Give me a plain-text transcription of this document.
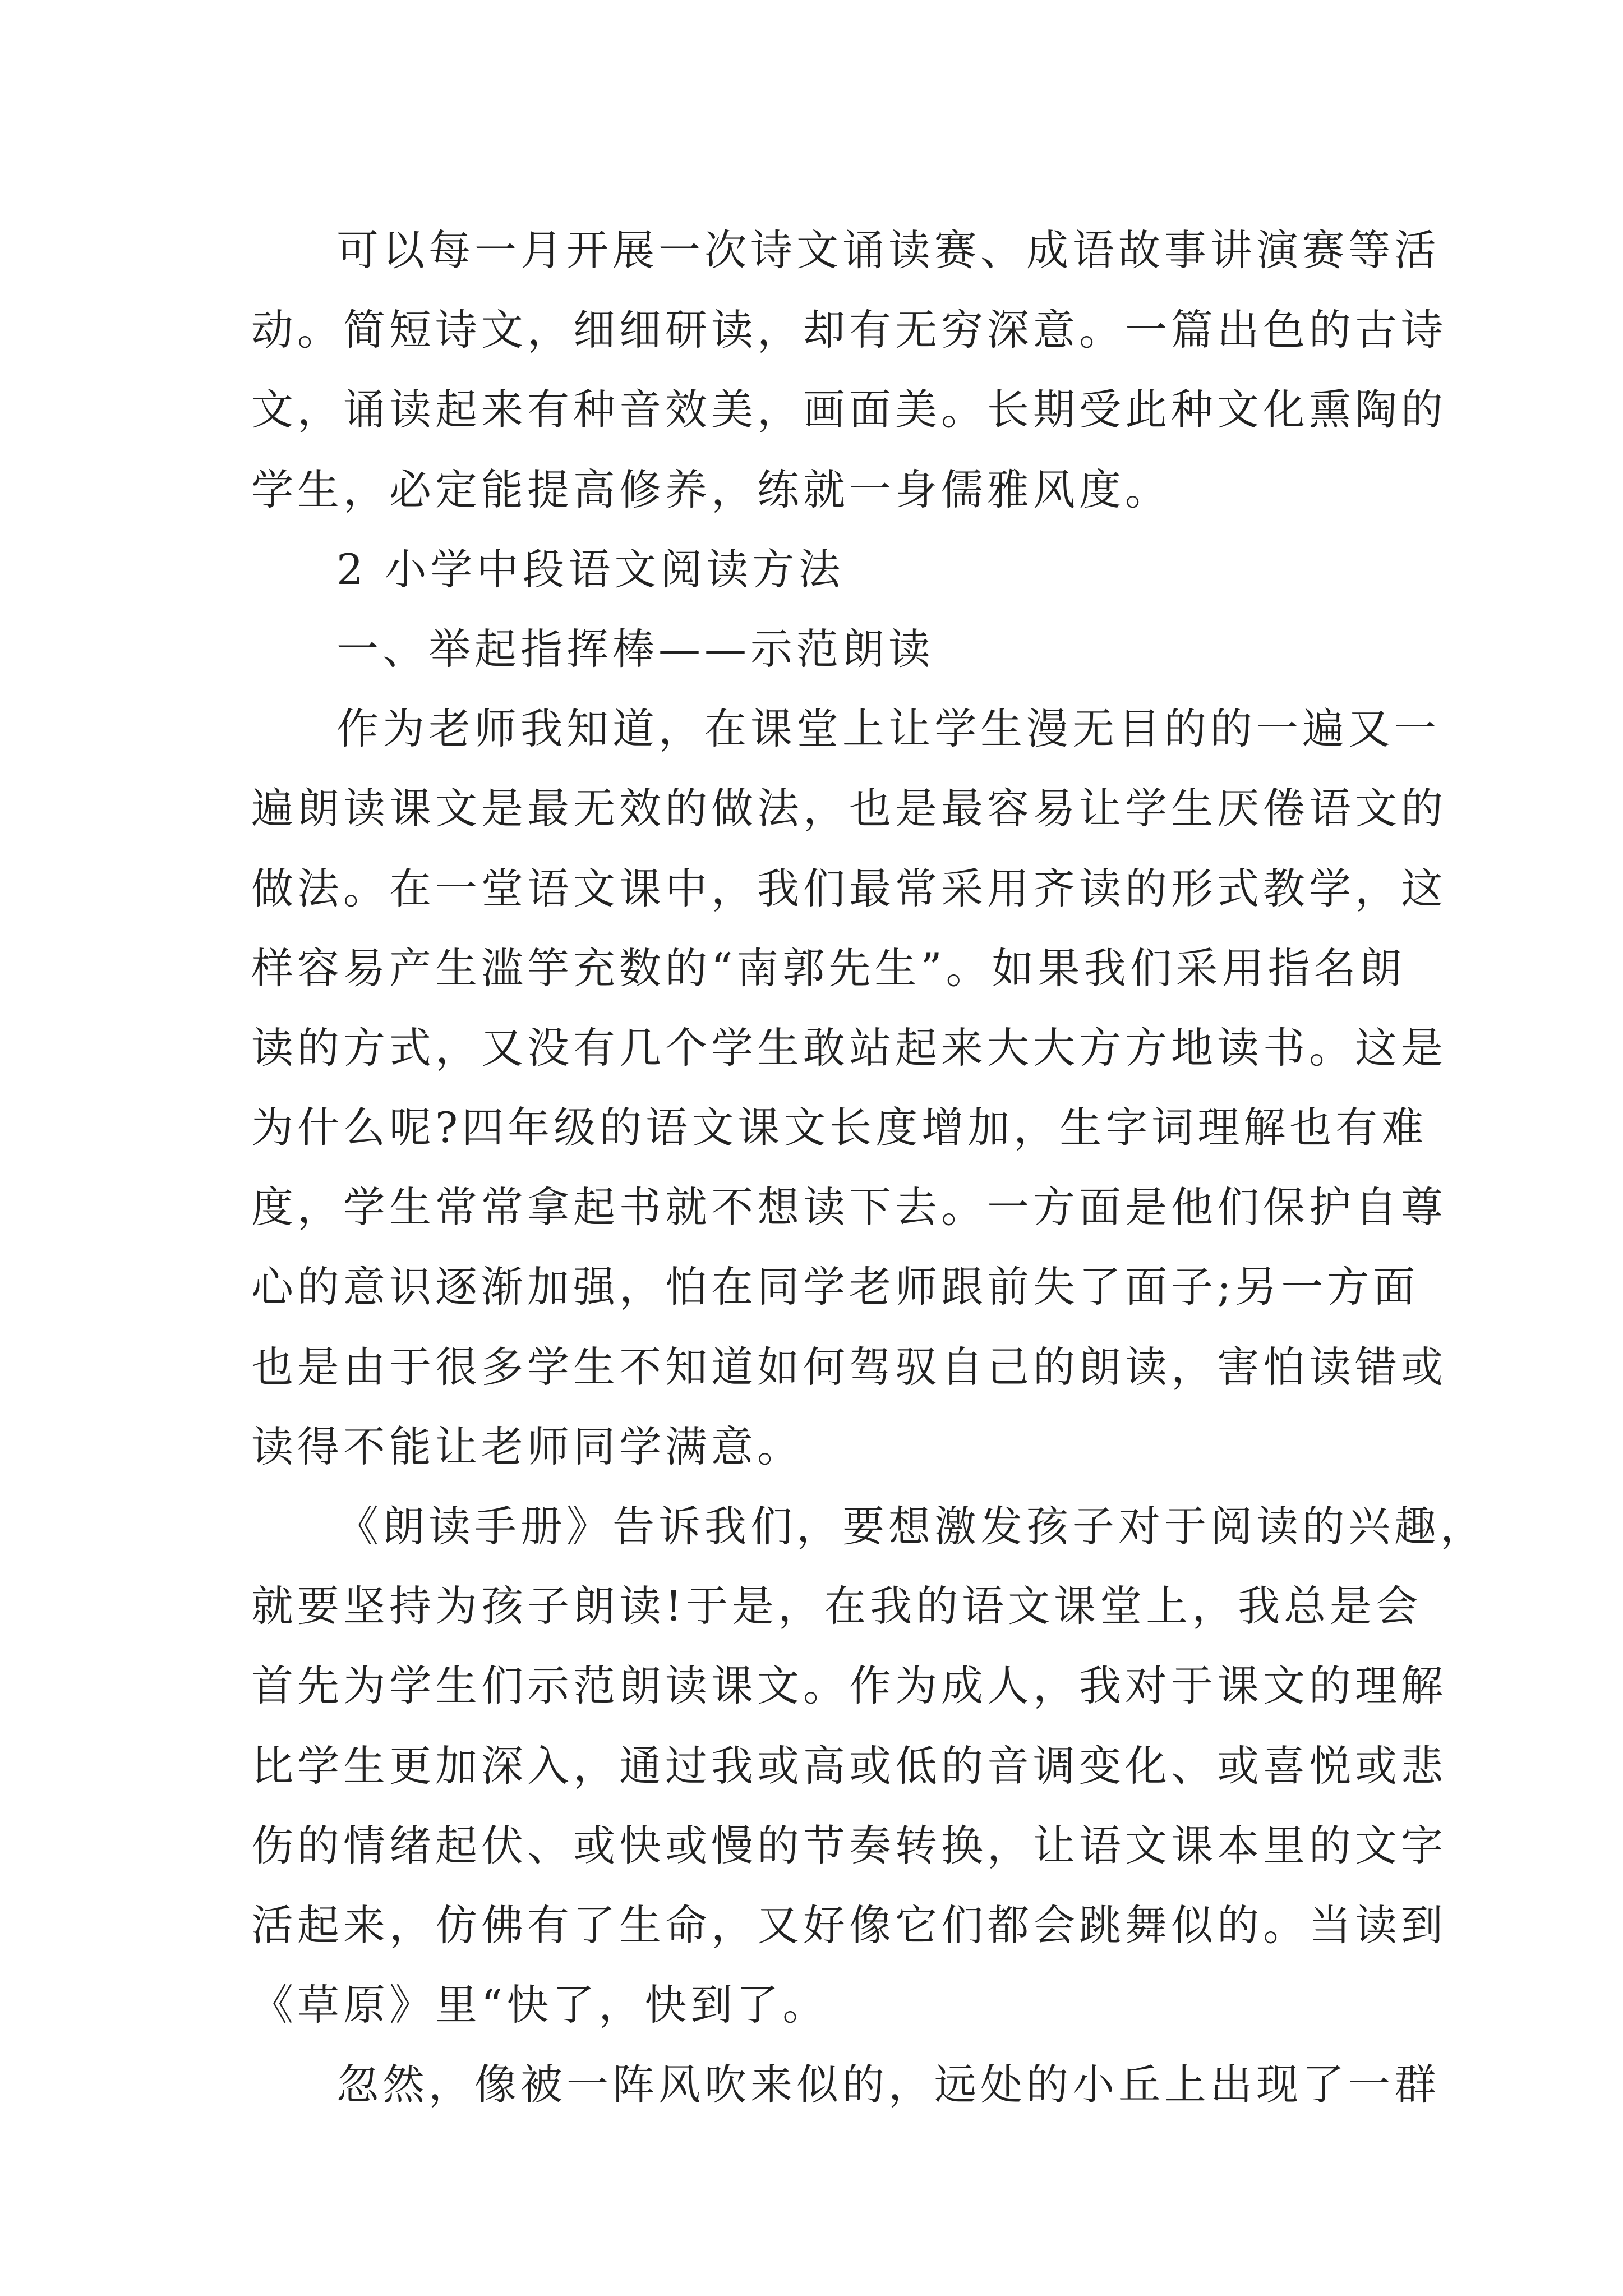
可以每一月开展一次诗文诵读赛、成语故事讲演赛等活
动。简短诗文，细细研读，却有无穷深意。一篇出色的古诗
文，诵读起来有种音效美，画面美。长期受此种文化熏陶的
学生，必定能提高修养，练就一身儒雅风度。
2 小学中段语文阅读方法
一、举起指挥棒——示范朗读
作为老师我知道，在课堂上让学生漫无目的的一遍又一
遍朗读课文是最无效的做法，也是最容易让学生厌倦语文的
做法。在一堂语文课中，我们最常采用齐读的形式教学，这
样容易产生滥竽充数的“南郭先生”。如果我们采用指名朗
读的方式，又没有几个学生敢站起来大大方方地读书。这是
为什么呢?四年级的语文课文长度增加，生字词理解也有难
度，学生常常拿起书就不想读下去。一方面是他们保护自尊
心的意识逐渐加强，怕在同学老师跟前失了面子;另一方面
也是由于很多学生不知道如何驾驭自己的朗读，害怕读错或
读得不能让老师同学满意。
《朗读手册》告诉我们，要想激发孩子对于阅读的兴趣，
就要坚持为孩子朗读!于是，在我的语文课堂上，我总是会
首先为学生们示范朗读课文。作为成人，我对于课文的理解
比学生更加深入，通过我或高或低的音调变化、或喜悦或悲
伤的情绪起伏、或快或慢的节奏转换，让语文课本里的文字
活起来，仿佛有了生命，又好像它们都会跳舞似的。当读到
《草原》里“快了，快到了。
忽然，像被一阵风吹来似的，远处的小丘上出现了一群
